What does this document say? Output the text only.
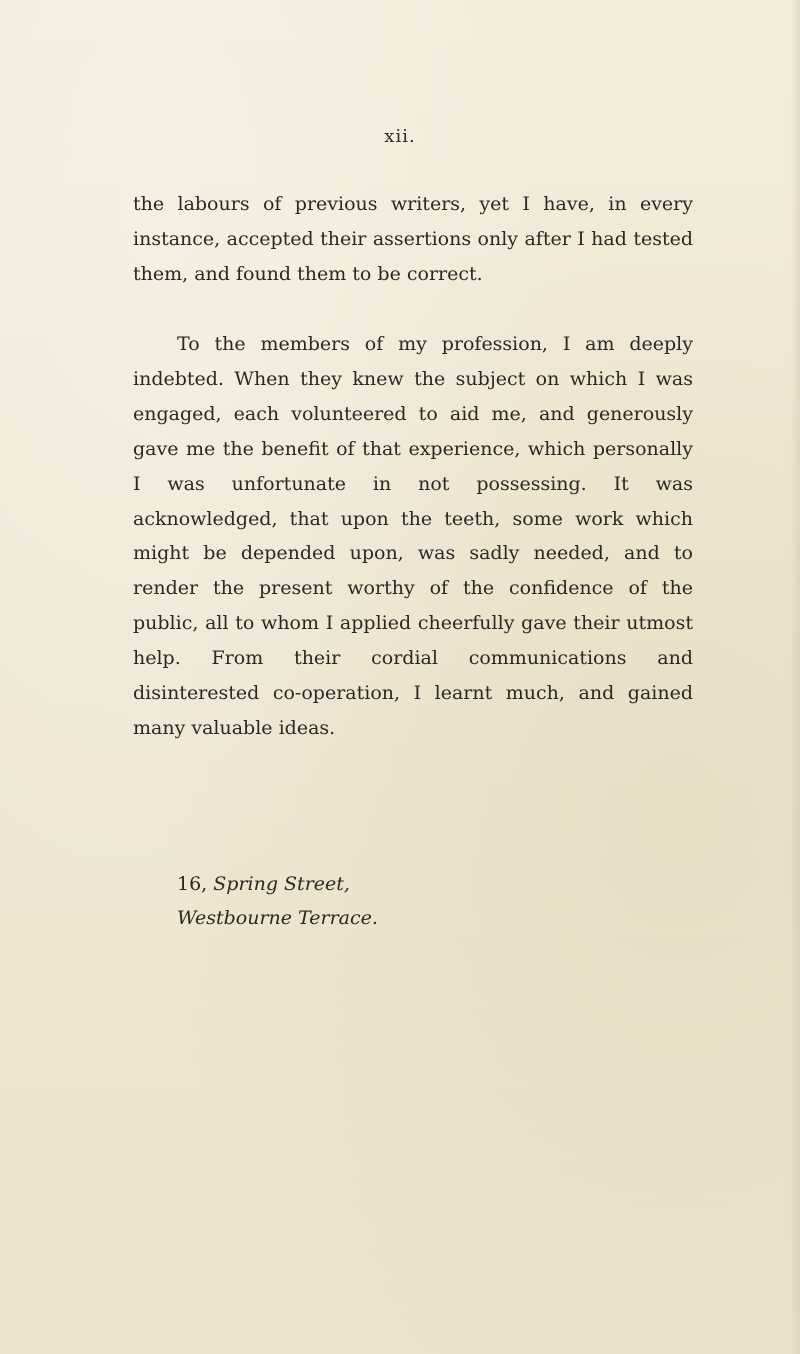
xii.

the labours of previous writers, yet I have, in every instance, accepted their assertions only after I had tested them, and found them to be correct.

To the members of my profession, I am deeply indebted. When they knew the subject on which I was engaged, each volunteered to aid me, and generously gave me the benefit of that experience, which personally I was unfortunate in not possessing. It was acknowledged, that upon the teeth, some work which might be depended upon, was sadly needed, and to render the present worthy of the confidence of the public, all to whom I applied cheerfully gave their utmost help. From their cordial communications and disinterested co-operation, I learnt much, and gained many valuable ideas.

16, Spring Street,
Westbourne Terrace.
